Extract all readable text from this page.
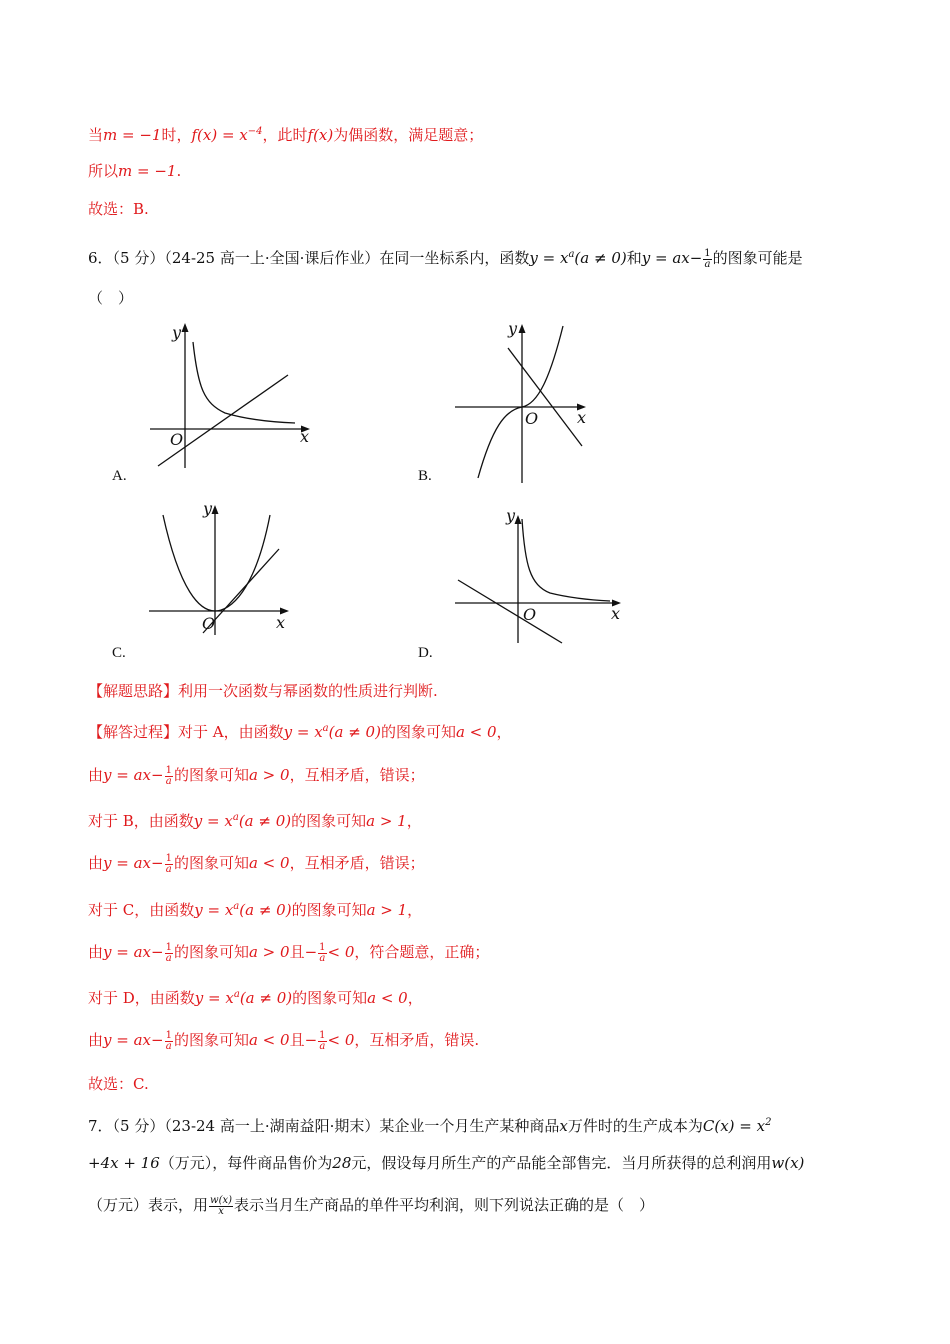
当m = −1时，$f(x) = x^{-4}$，此时f(x)为偶函数，满足题意；
所以m = −1.
故选：B.
6．（5 分）（24-25 高一上·全国·课后作业）在同一坐标系内，函数$y = x^a(a \ne 0)$和$y = ax- \frac{1}{a}$ 的图象可能是
（　）
y
x
O
A.
y
x
O
B.
y
x
O
C.
y
x
O
D.
【解题思路】利用一次函数与幂函数的性质进行判断.
【解答过程】对于 A，由函数$y = x^a(a \ne 0)$的图象可知a < 0，
由$y = ax- \frac{1}{a}$ 的图象可知a > 0，互相矛盾，错误；
对于 B，由函数$y = x^a(a \ne 0)$的图象可知a > 1，
由$y = ax- \frac{1}{a}$ 的图象可知a < 0，互相矛盾，错误；
对于 C，由函数$y = x^a(a \ne 0)$的图象可知a > 1，
由$y = ax- \frac{1}{a}$ 的图象可知a > 0且− $\frac{1}{a} < 0$，符合题意，正确；
对于 D，由函数$y = x^a(a \ne 0)$的图象可知a < 0，
由$y = ax- \frac{1}{a}$ 的图象可知a < 0且− $\frac{1}{a} < 0$，互相矛盾，错误.
故选：C.
7．（5 分）（23-24 高一上·湖南益阳·期末）某企业一个月生产某种商品x万件时的生产成本为$C(x) = x^2$
+4x + 16（万元），每件商品售价为28元，假设每月所生产的产品能全部售完．当月所获得的总利润用w(x)
（万元）表示，用 $\frac{w(x)}{x}$ 表示当月生产商品的单件平均利润，则下列说法正确的是（　）
